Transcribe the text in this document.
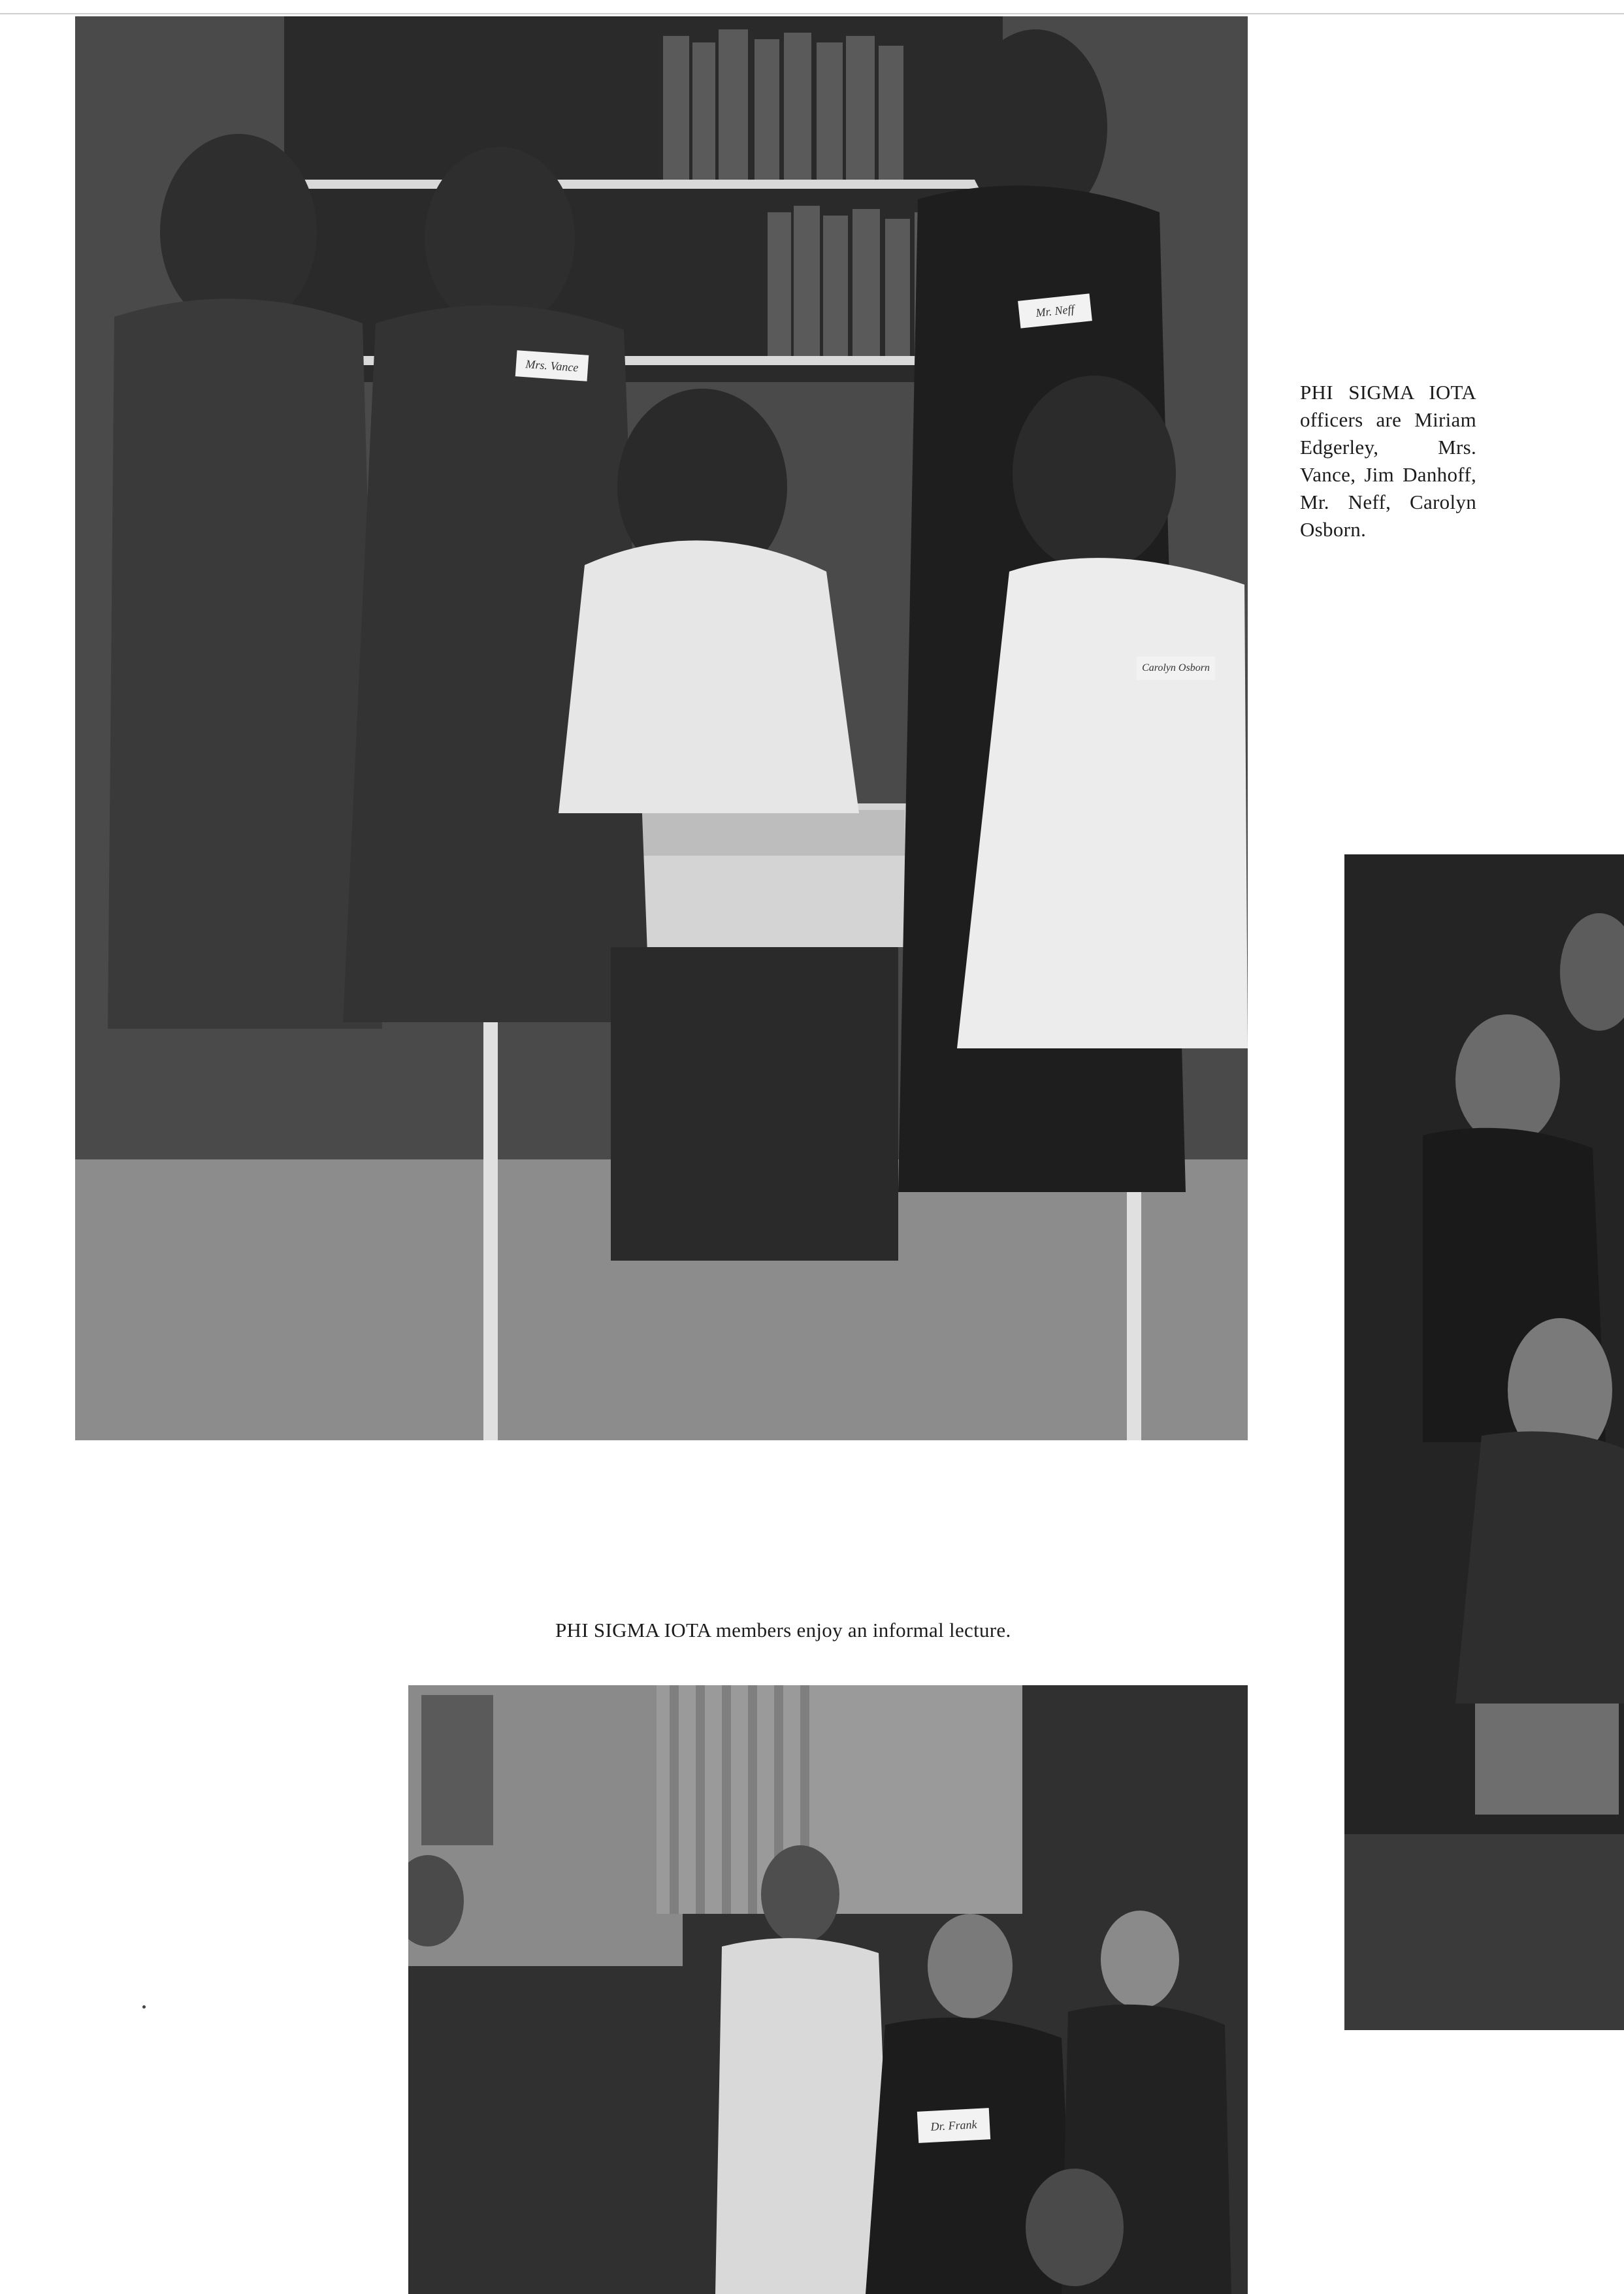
Mrs. Vance
Mr. Neff
Carolyn Osborn
PHI SIGMA IOTA officers are Miriam Edgerley, Mrs. Vance, Jim Danhoff, Mr. Neff, Carolyn Osborn.
PHI SIGMA IOTA members enjoy an informal lecture.
Dr. Frank
